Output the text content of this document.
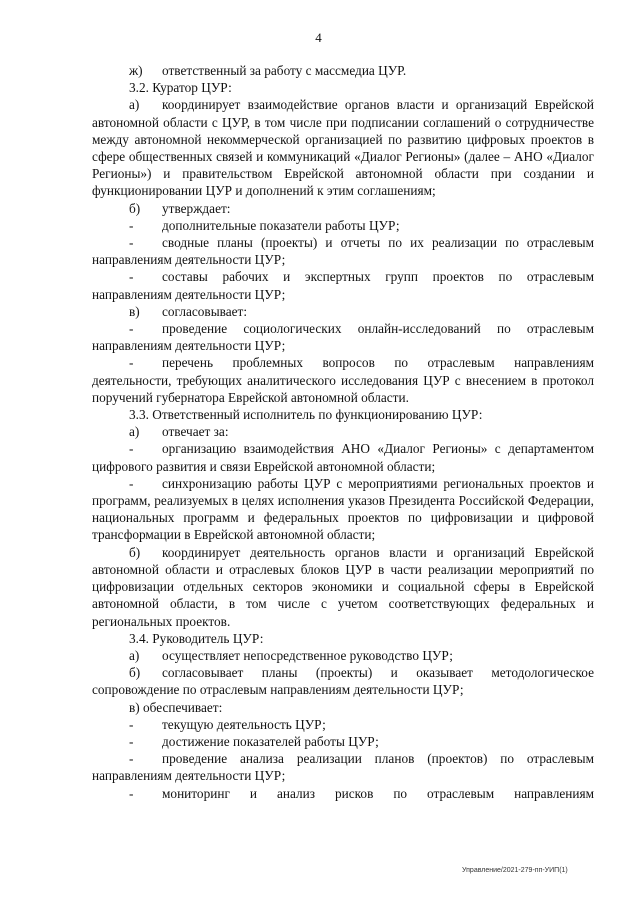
4

ж) ответственный за работу с массмедиа ЦУР.

3.2. Куратор ЦУР:

а) координирует взаимодействие органов власти и организаций Еврейской автономной области с ЦУР, в том числе при подписании соглашений о сотрудничестве между автономной некоммерческой организацией по развитию цифровых проектов в сфере общественных связей и коммуникаций «Диалог Регионы» (далее – АНО «Диалог Регионы») и правительством Еврейской автономной области при создании и функционировании ЦУР и дополнений к этим соглашениям;

б) утверждает:

- дополнительные показатели работы ЦУР;

- сводные планы (проекты) и отчеты по их реализации по отраслевым направлениям деятельности ЦУР;

- составы рабочих и экспертных групп проектов по отраслевым направлениям деятельности ЦУР;

в) согласовывает:

- проведение социологических онлайн-исследований по отраслевым направлениям деятельности ЦУР;

- перечень проблемных вопросов по отраслевым направлениям деятельности, требующих аналитического исследования ЦУР с внесением в протокол поручений губернатора Еврейской автономной области.

3.3. Ответственный исполнитель по функционированию ЦУР:

а) отвечает за:

- организацию взаимодействия АНО «Диалог Регионы» с департаментом цифрового развития и связи Еврейской автономной области;

- синхронизацию работы ЦУР с мероприятиями региональных проектов и программ, реализуемых в целях исполнения указов Президента Российской Федерации, национальных программ и федеральных проектов по цифровизации и цифровой трансформации в Еврейской автономной области;

б) координирует деятельность органов власти и организаций Еврейской автономной области и отраслевых блоков ЦУР в части реализации мероприятий по цифровизации отдельных секторов экономики и социальной сферы в Еврейской автономной области, в том числе с учетом соответствующих федеральных и региональных проектов.

3.4. Руководитель ЦУР:

а) осуществляет непосредственное руководство ЦУР;

б) согласовывает планы (проекты) и оказывает методологическое сопровождение по отраслевым направлениям деятельности ЦУР;

в) обеспечивает:

- текущую деятельность ЦУР;

- достижение показателей работы ЦУР;

- проведение анализа реализации планов (проектов) по отраслевым направлениям деятельности ЦУР;

- мониторинг и анализ рисков по отраслевым направлениям

Управление/2021-279-пп-УИП(1)
